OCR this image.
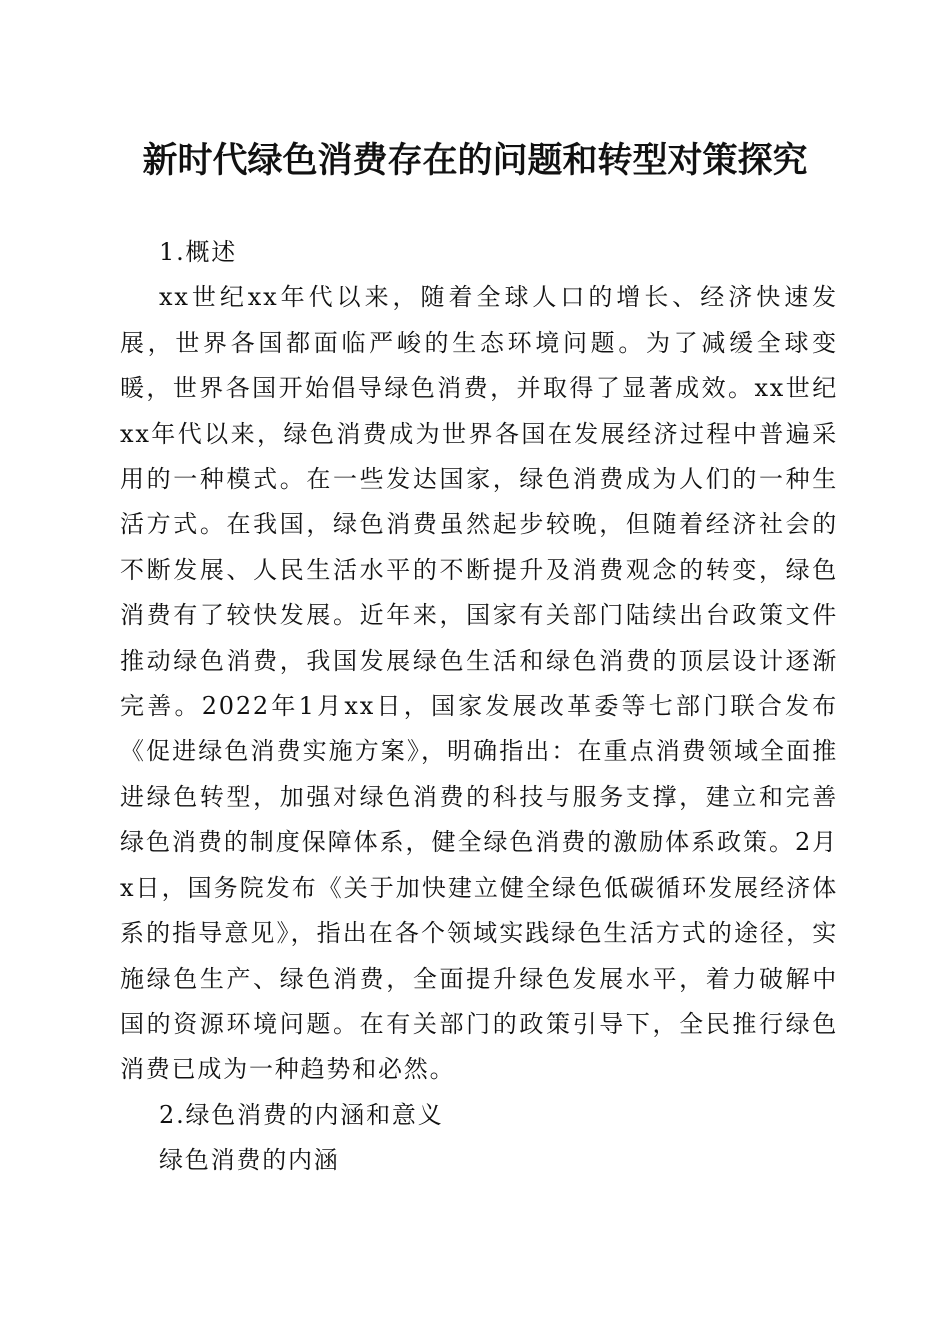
新时代绿色消费存在的问题和转型对策探究
1.概述

xx世纪xx年代以来，随着全球人口的增长、经济快速发展，世界各国都面临严峻的生态环境问题。为了减缓全球变暖，世界各国开始倡导绿色消费，并取得了显著成效。xx世纪xx年代以来，绿色消费成为世界各国在发展经济过程中普遍采用的一种模式。在一些发达国家，绿色消费成为人们的一种生活方式。在我国，绿色消费虽然起步较晚，但随着经济社会的不断发展、人民生活水平的不断提升及消费观念的转变，绿色消费有了较快发展。近年来，国家有关部门陆续出台政策文件推动绿色消费，我国发展绿色生活和绿色消费的顶层设计逐渐完善。2022年1月xx日，国家发展改革委等七部门联合发布《促进绿色消费实施方案》，明确指出：在重点消费领域全面推进绿色转型，加强对绿色消费的科技与服务支撑，建立和完善绿色消费的制度保障体系，健全绿色消费的激励体系政策。2月x日，国务院发布《关于加快建立健全绿色低碳循环发展经济体系的指导意见》，指出在各个领域实践绿色生活方式的途径，实施绿色生产、绿色消费，全面提升绿色发展水平，着力破解中国的资源环境问题。在有关部门的政策引导下，全民推行绿色消费已成为一种趋势和必然。

2.绿色消费的内涵和意义
绿色消费的内涵
